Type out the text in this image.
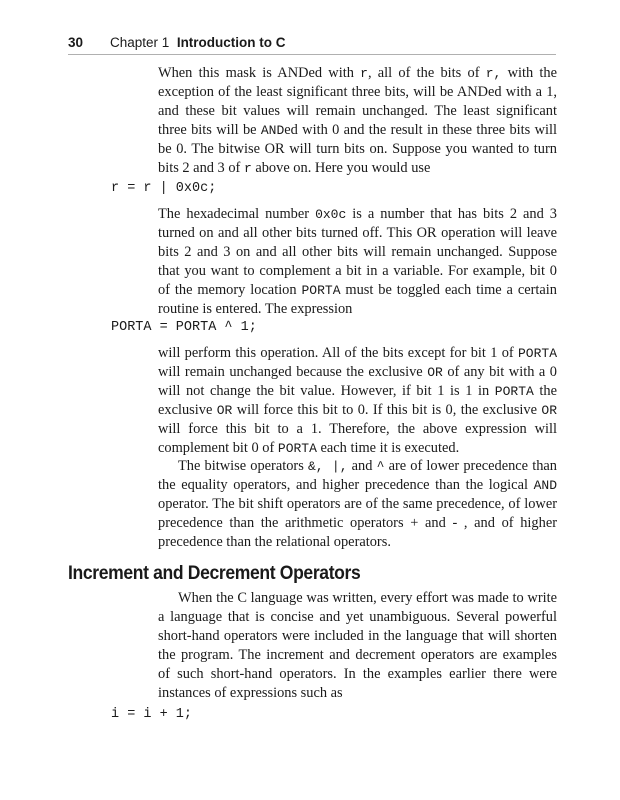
30 Chapter 1 Introduction to C

When this mask is ANDed with r, all of the bits of r, with the exception of the least significant three bits, will be ANDed with a 1, and these bit values will remain unchanged. The least significant three bits will be ANDed with 0 and the result in these three bits will be 0. The bitwise OR will turn bits on. Suppose you wanted to turn bits 2 and 3 of r above on. Here you would use

r = r | 0x0c;

The hexadecimal number 0x0c is a number that has bits 2 and 3 turned on and all other bits turned off. This OR operation will leave bits 2 and 3 on and all other bits will remain unchanged. Suppose that you want to complement a bit in a variable. For example, bit 0 of the memory location PORTA must be toggled each time a certain routine is entered. The expression

PORTA = PORTA ^ 1;

will perform this operation. All of the bits except for bit 1 of PORTA will remain unchanged because the exclusive OR of any bit with a 0 will not change the bit value. However, if bit 1 is 1 in PORTA the exclusive OR will force this bit to 0. If this bit is 0, the exclusive OR will force this bit to a 1. Therefore, the above expression will complement bit 0 of PORTA each time it is executed.

The bitwise operators &, |, and ^ are of lower precedence than the equality operators, and higher precedence than the logical AND operator. The bit shift operators are of the same precedence, of lower precedence than the arithmetic operators + and - , and of higher precedence than the relational operators.

Increment and Decrement Operators

When the C language was written, every effort was made to write a language that is concise and yet unambiguous. Several powerful short-hand operators were included in the language that will shorten the program. The increment and decrement operators are examples of such short-hand operators. In the examples earlier there were instances of expressions such as

i = i + 1;
